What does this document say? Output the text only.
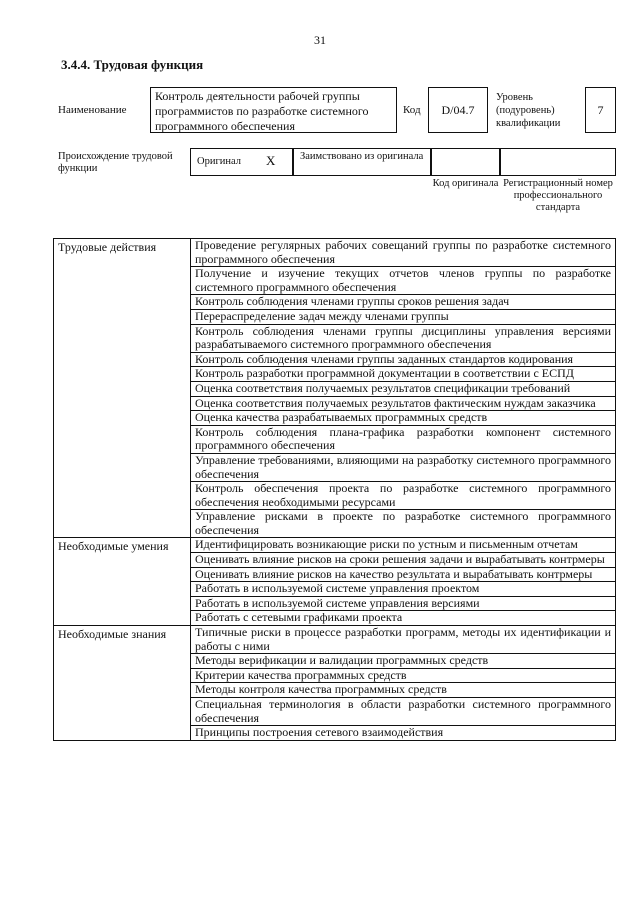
31
3.4.4. Трудовая функция
Наименование
Контроль деятельности рабочей группы программистов по разработке системного программного обеспечения
Код	D/04.7
Уровень (подуровень) квалификации
7
Происхождение трудовой функции
Оригинал X	Заимствовано из оригинала
Код оригинала Регистрационный номер профессионального стандарта
Трудовые действия	Проведение регулярных рабочих совещаний группы по разработке системного программного обеспечения
	Получение и изучение текущих отчетов членов группы по разработке системного программного обеспечения
	Контроль соблюдения членами группы сроков решения задач
	Перераспределение задач между членами группы
	Контроль соблюдения членами группы дисциплины управления версиями разрабатываемого системного программного обеспечения
	Контроль соблюдения членами группы заданных стандартов кодирования
	Контроль разработки программной документации в соответствии с ЕСПД
	Оценка соответствия получаемых результатов спецификации требований
	Оценка соответствия получаемых результатов фактическим нуждам заказчика
	Оценка качества разрабатываемых программных средств
	Контроль соблюдения плана-графика разработки компонент системного программного обеспечения
	Управление требованиями, влияющими на разработку системного программного обеспечения
	Контроль обеспечения проекта по разработке системного программного обеспечения необходимыми ресурсами
	Управление рисками в проекте по разработке системного программного обеспечения
Необходимые умения	Идентифицировать возникающие риски по устным и письменным отчетам
	Оценивать влияние рисков на сроки решения задачи и вырабатывать контрмеры
	Оценивать влияние рисков на качество результата и вырабатывать контрмеры
	Работать в используемой системе управления проектом
	Работать в используемой системе управления версиями
	Работать с сетевыми графиками проекта
Необходимые знания	Типичные риски в процессе разработки программ, методы их идентификации и работы с ними
	Методы верификации и валидации программных средств
	Критерии качества программных средств
	Методы контроля качества программных средств
	Специальная терминология в области разработки системного программного обеспечения
	Принципы построения сетевого взаимодействия
